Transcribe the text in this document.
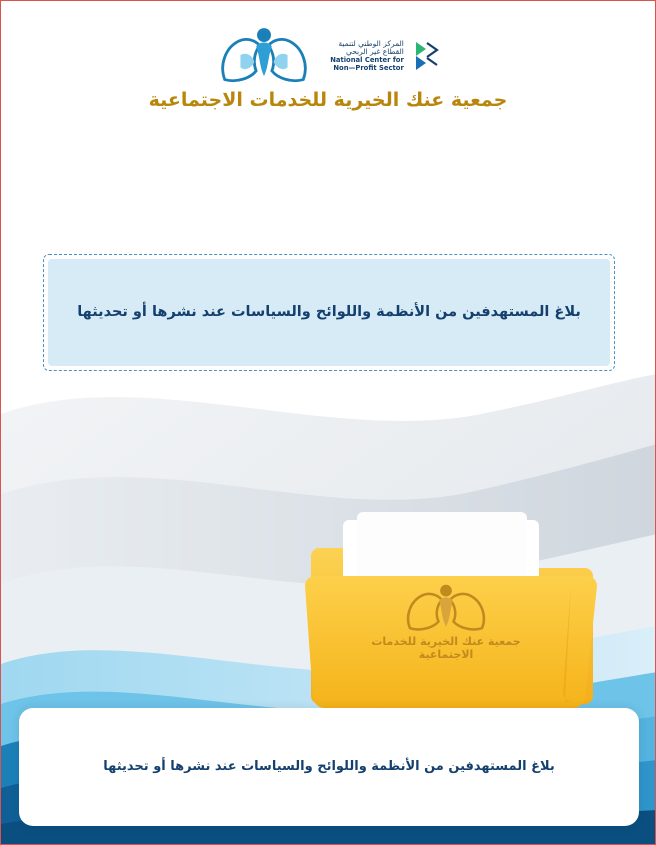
المركز الوطني لتنمية
القطاع غير الربحي
National Center for
Non—Profit Sector
جمعية عنك الخيرية للخدمات الاجتماعية
بلاغ المستهدفين من الأنظمة واللوائح والسياسات عند نشرها أو تحديثها
جمعية عنك الخيرية للخدمات الاجتماعية
بلاغ المستهدفين من الأنظمة واللوائح والسياسات عند نشرها أو تحديثها
